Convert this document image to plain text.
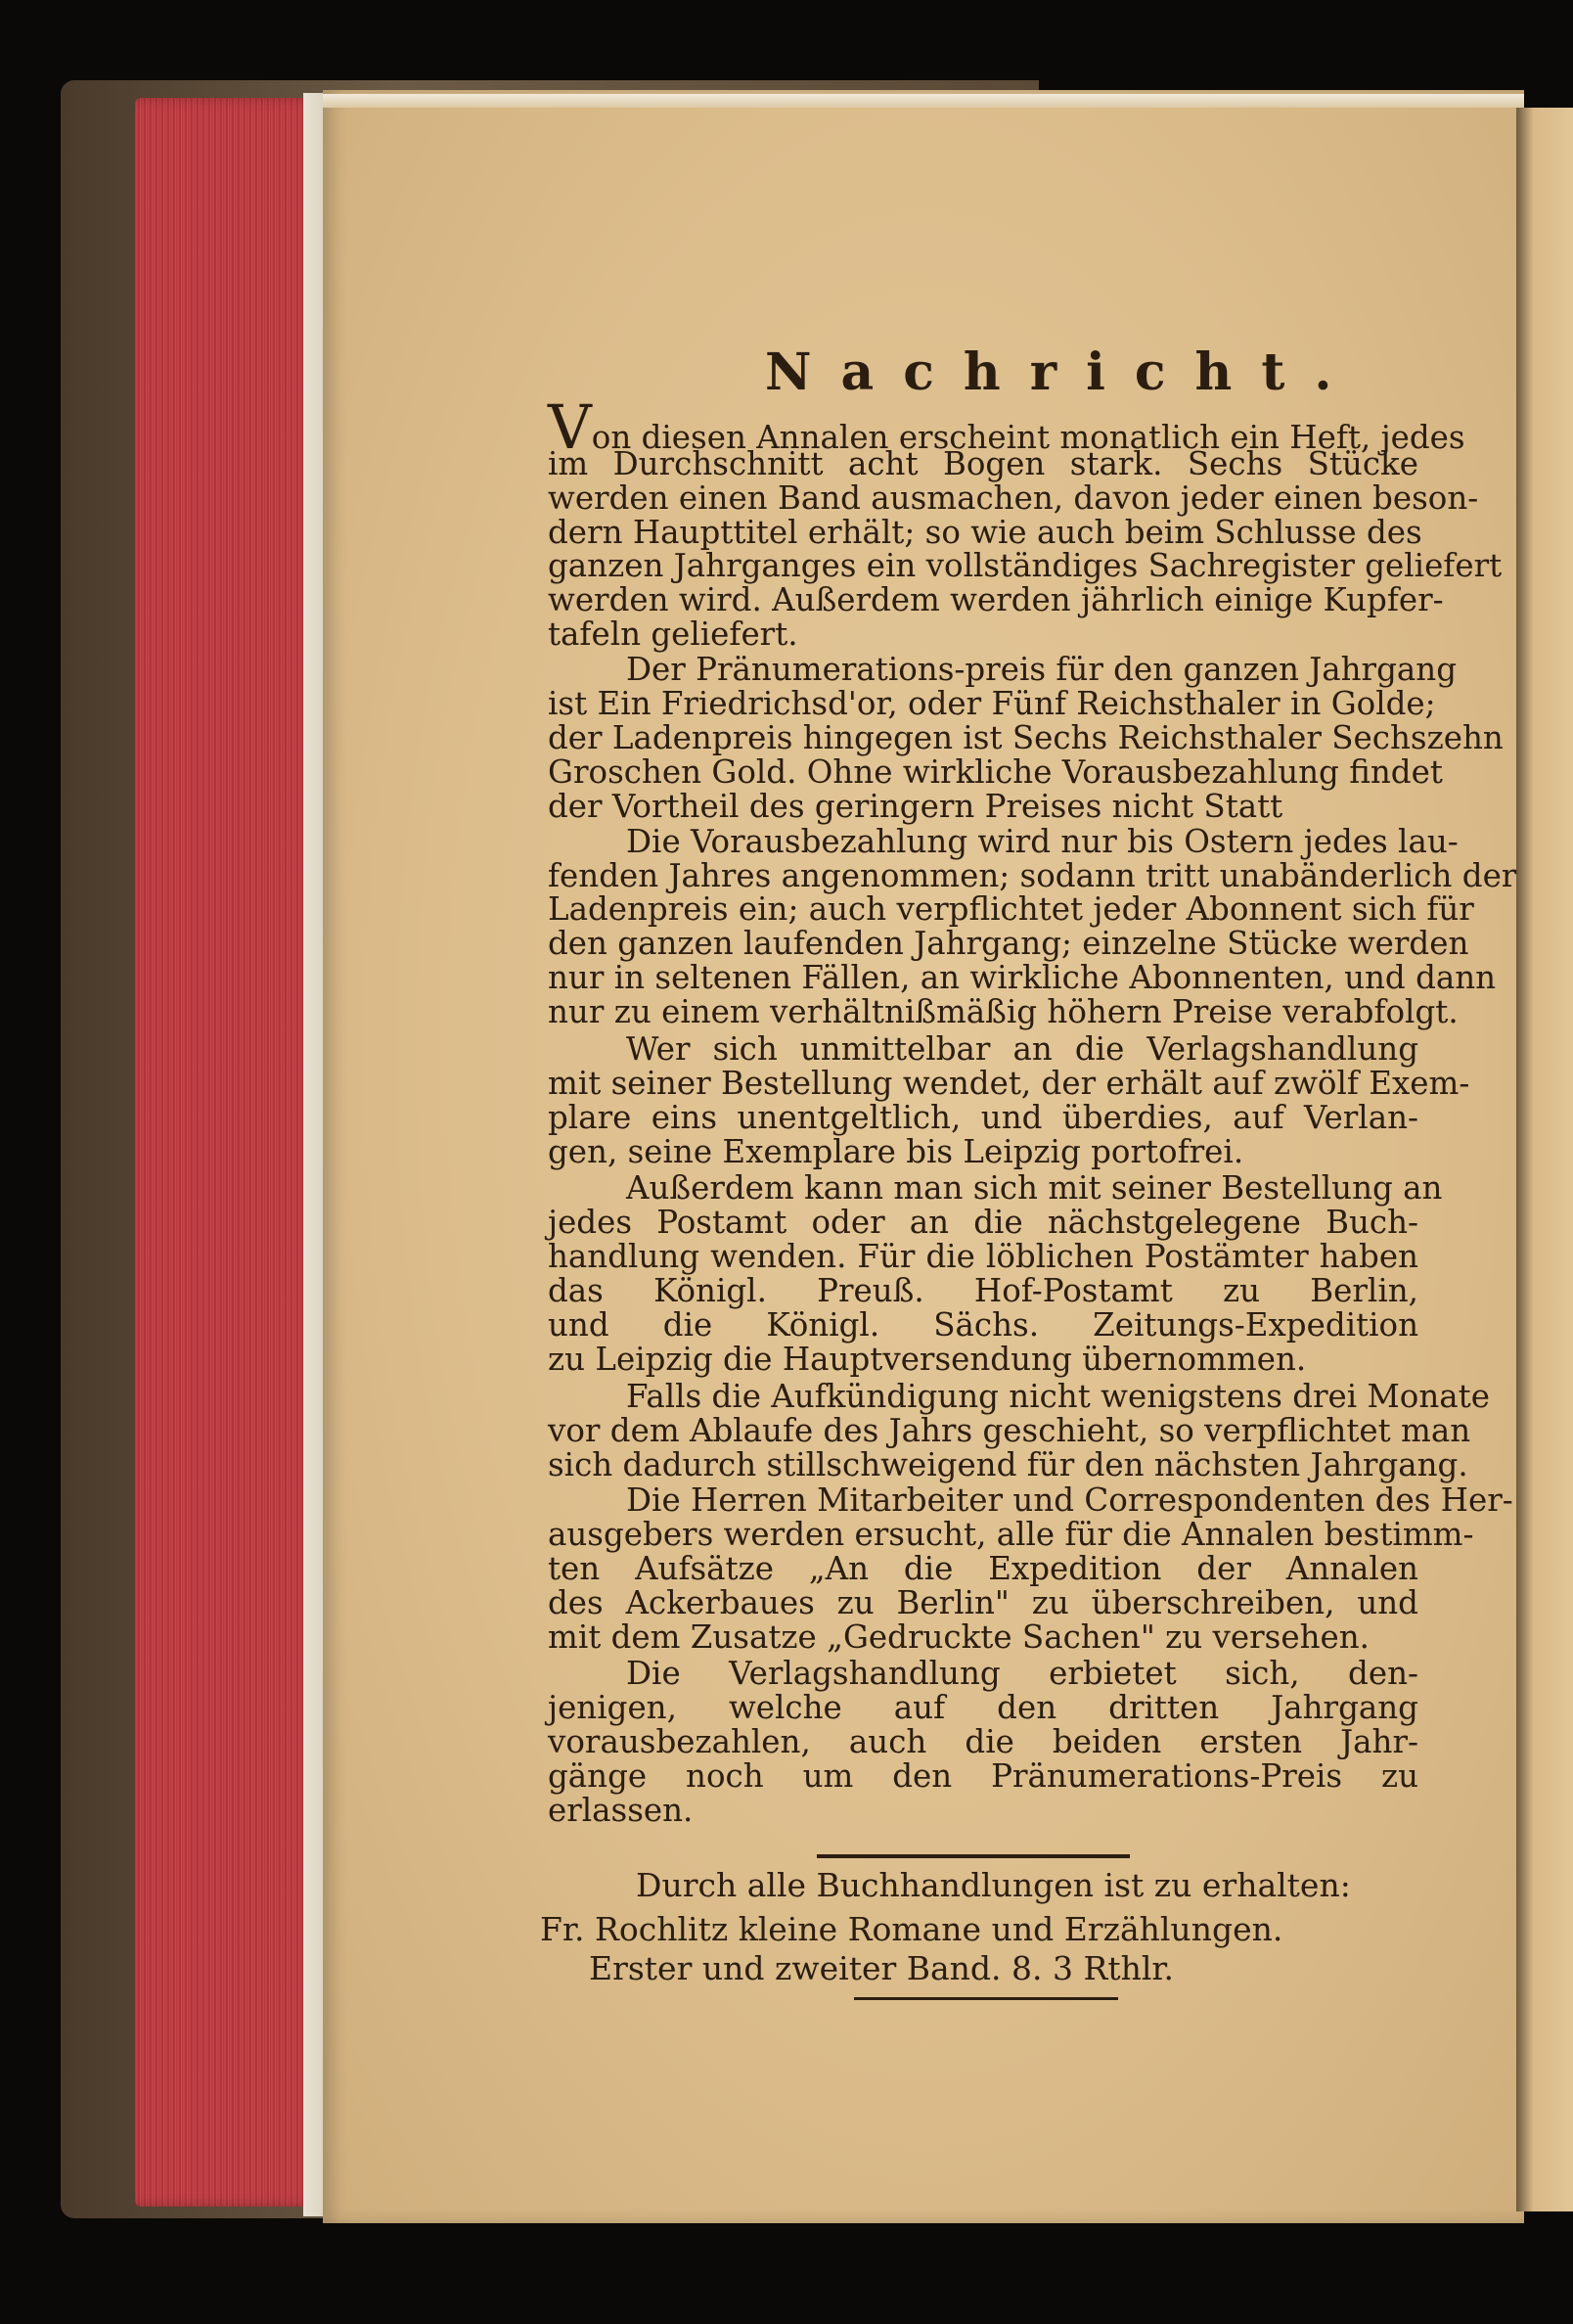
Nachricht.
Von diesen Annalen erscheint monatlich ein Heft, jedes
im Durchschnitt acht Bogen stark. Sechs Stücke
werden einen Band ausmachen, davon jeder einen beson-
dern Haupttitel erhält; so wie auch beim Schlusse des
ganzen Jahrganges ein vollständiges Sachregister geliefert
werden wird. Außerdem werden jährlich einige Kupfer-
tafeln geliefert.
Der Pränumerations-preis für den ganzen Jahrgang
ist Ein Friedrichsd'or, oder Fünf Reichsthaler in Golde;
der Ladenpreis hingegen ist Sechs Reichsthaler Sechszehn
Groschen Gold. Ohne wirkliche Vorausbezahlung findet
der Vortheil des geringern Preises nicht Statt
Die Vorausbezahlung wird nur bis Ostern jedes lau-
fenden Jahres angenommen; sodann tritt unabänderlich der
Ladenpreis ein; auch verpflichtet jeder Abonnent sich für
den ganzen laufenden Jahrgang; einzelne Stücke werden
nur in seltenen Fällen, an wirkliche Abonnenten, und dann
nur zu einem verhältnißmäßig höhern Preise verabfolgt.
Wer sich unmittelbar an die Verlagshandlung
mit seiner Bestellung wendet, der erhält auf zwölf Exem-
plare eins unentgeltlich, und überdies, auf Verlan-
gen, seine Exemplare bis Leipzig portofrei.
Außerdem kann man sich mit seiner Bestellung an
jedes Postamt oder an die nächstgelegene Buch-
handlung wenden. Für die löblichen Postämter haben
das Königl. Preuß. Hof-Postamt zu Berlin,
und die Königl. Sächs. Zeitungs-Expedition
zu Leipzig die Hauptversendung übernommen.
Falls die Aufkündigung nicht wenigstens drei Monate
vor dem Ablaufe des Jahrs geschieht, so verpflichtet man
sich dadurch stillschweigend für den nächsten Jahrgang.
Die Herren Mitarbeiter und Correspondenten des Her-
ausgebers werden ersucht, alle für die Annalen bestimm-
ten Aufsätze „An die Expedition der Annalen
des Ackerbaues zu Berlin" zu überschreiben, und
mit dem Zusatze „Gedruckte Sachen" zu versehen.
Die Verlagshandlung erbietet sich, den-
jenigen, welche auf den dritten Jahrgang
vorausbezahlen, auch die beiden ersten Jahr-
gänge noch um den Pränumerations-Preis zu
erlassen.
Durch alle Buchhandlungen ist zu erhalten:
Fr. Rochlitz kleine Romane und Erzählungen.
Erster und zweiter Band. 8. 3 Rthlr.
